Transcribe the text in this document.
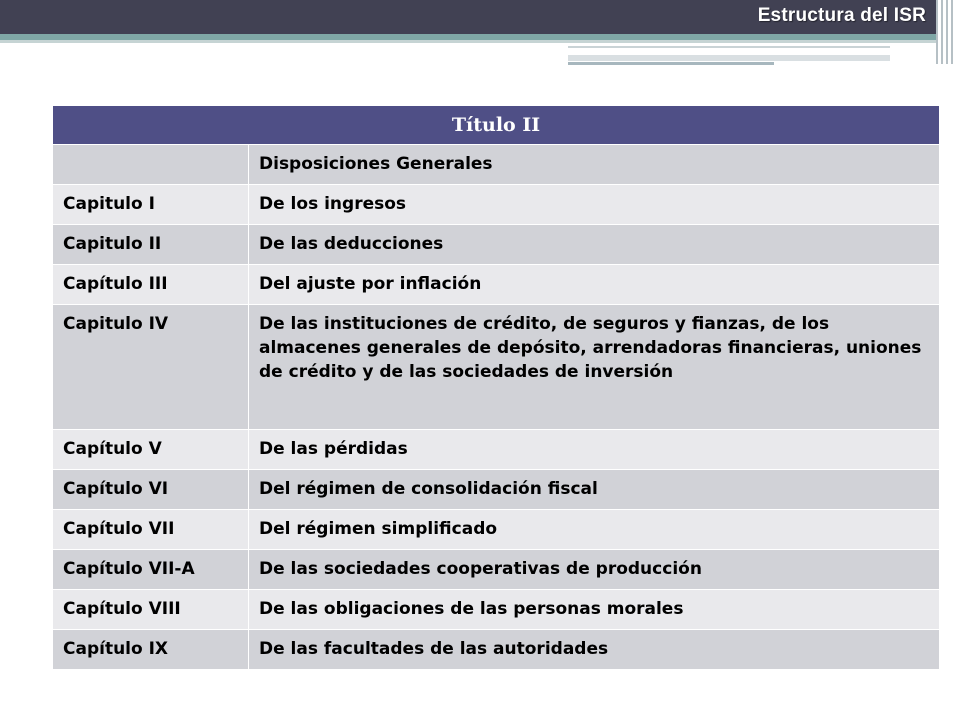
Estructura del ISR
Título II	
	Disposiciones Generales
Capitulo I	De los ingresos
Capitulo II	De las deducciones
Capítulo III	Del ajuste por inflación
Capitulo IV	De las instituciones de crédito, de seguros y fianzas, de los almacenes generales de depósito, arrendadoras financieras, uniones de crédito y de las sociedades de inversión
Capítulo V	De las pérdidas
Capítulo VI	Del régimen de consolidación fiscal
Capítulo VII	Del régimen simplificado
Capítulo VII-A	De las sociedades cooperativas de producción
Capítulo VIII	De las obligaciones de las personas morales
Capítulo IX	De las facultades de las autoridades
